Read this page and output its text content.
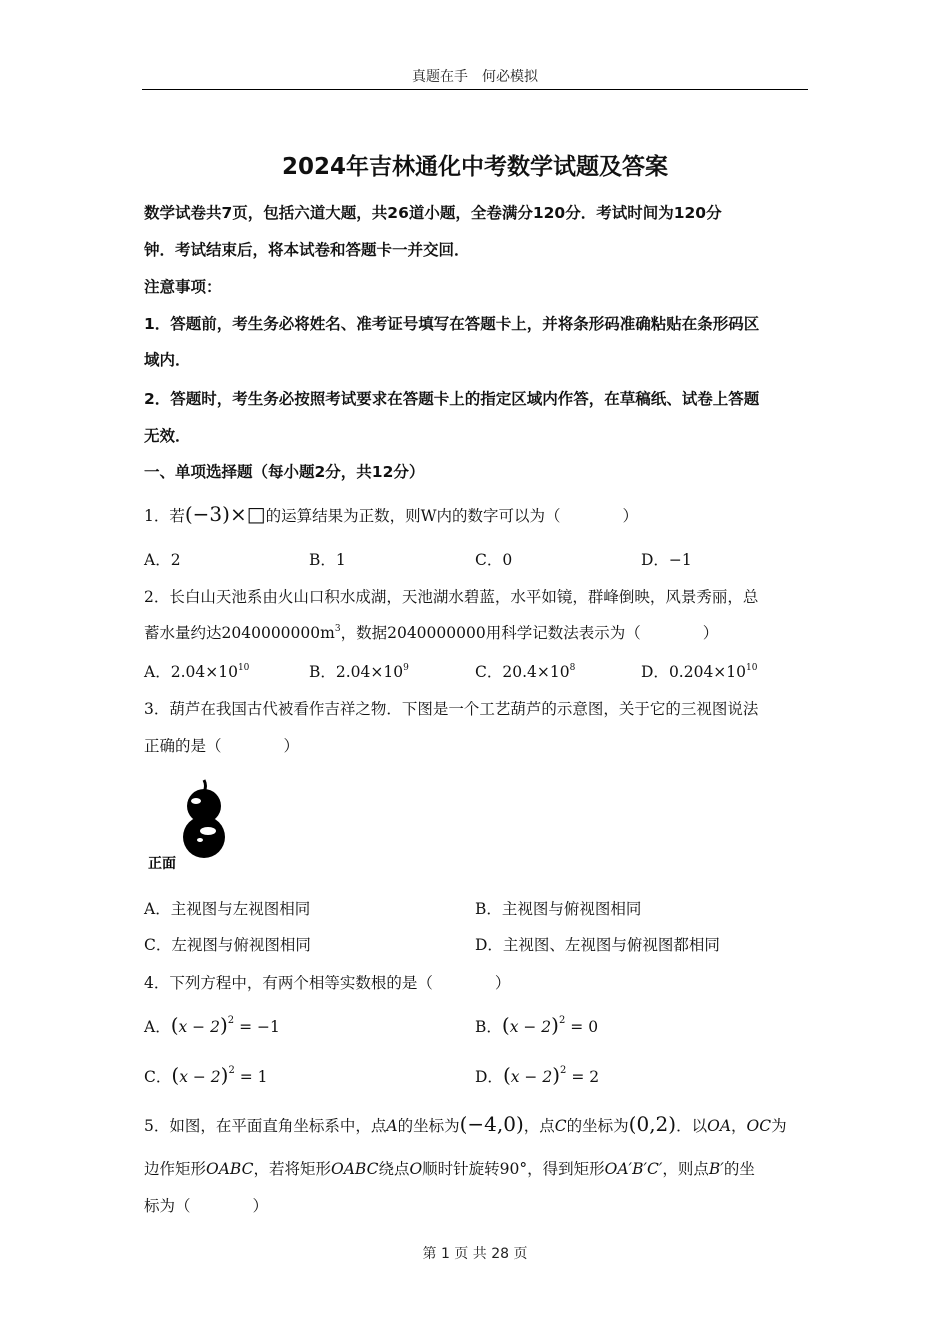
真题在手　何必模拟
2024年吉林通化中考数学试题及答案
数学试卷共7页，包括六道大题，共26道小题，全卷满分120分．考试时间为120分
钟．考试结束后，将本试卷和答题卡一并交回．
注意事项：
1．答题前，考生务必将姓名、准考证号填写在答题卡上，并将条形码准确粘贴在条形码区
域内．
2．答题时，考生务必按照考试要求在答题卡上的指定区域内作答，在草稿纸、试卷上答题
无效．
一、单项选择题（每小题2分，共12分）
1．若(−3)×□的运算结果为正数，则W内的数字可以为（　　　　）
A．2	B．1	C．0	D．−1
2．长白山天池系由火山口积水成湖，天池湖水碧蓝，水平如镜，群峰倒映，风景秀丽，总
蓄水量约达$2040000000m^3$，数据2040000000用科学记数法表示为（　　　　）
A．$2.04\times 10^{10}$	B．$2.04\times 10^9$	C．$20.4\times 10^8$	D．$0.204\times 10^{10}$
3．葫芦在我国古代被看作吉祥之物．下图是一个工艺葫芦的示意图，关于它的三视图说法
正确的是（　　　　）
正面
A．主视图与左视图相同	B．主视图与俯视图相同
C．左视图与俯视图相同	D．主视图、左视图与俯视图都相同
4．下列方程中，有两个相等实数根的是（　　　　）
A．$(x - 2)^2 = -1$	B．$(x - 2)^2 = 0$
C．$(x - 2)^2 = 1$	D．$(x - 2)^2 = 2$
5．如图，在平面直角坐标系中，点A的坐标为(−4,0)，点C的坐标为(0,2)．以OA，OC为
边作矩形OABC，若将矩形OABC绕点O顺时针旋转90°，得到矩形OA′B′C′，则点B′的坐
标为（　　　　）
第 1 页 共 28 页
